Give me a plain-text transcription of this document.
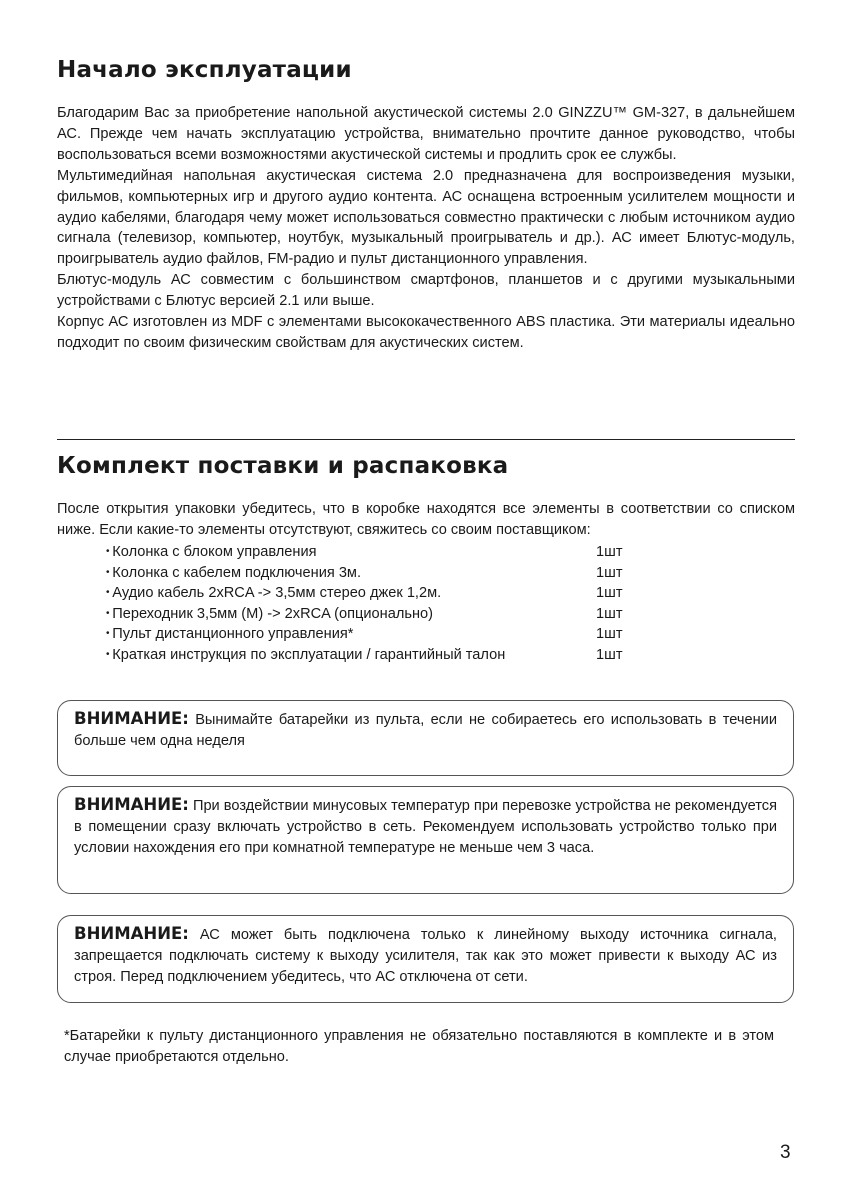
Начало эксплуатации

Благодарим Вас за приобретение напольной акустической системы 2.0 GINZZU™ GM-327, в дальнейшем АС. Прежде чем начать эксплуатацию устройства, внимательно прочтите данное руководство, чтобы воспользоваться всеми возможностями акустической системы и продлить срок ее службы.

Мультимедийная напольная акустическая система 2.0 предназначена для воспроизведения музыки, фильмов, компьютерных игр и другого аудио контента. АС оснащена встроенным усилителем мощности и аудио кабелями, благодаря чему может использоваться совместно практически с любым источником аудио сигнала (телевизор, компьютер, ноутбук, музыкальный проигрыватель и др.). АС имеет Блютус-модуль, проигрыватель аудио файлов, FM-радио и пульт дистанционного управления.

Блютус-модуль АС совместим с большинством смартфонов, планшетов и с другими музыкальными устройствами с Блютус версией 2.1 или выше.

Корпус АС изготовлен из MDF с элементами высококачественного ABS пластика. Эти материалы идеально подходит по своим физическим свойствам для акустических систем.

Комплект поставки и распаковка
После открытия упаковки убедитесь, что в коробке находятся все элементы в соответствии со списком ниже. Если какие-то элементы отсутствуют, свяжитесь со своим поставщиком:
• Колонка с блоком управления	1шт
• Колонка с кабелем подключения 3м.	1шт
• Аудио кабель 2xRCA -> 3,5мм стерео джек 1,2м.	1шт
• Переходник 3,5мм (M) -> 2xRCA (опционально)	1шт
• Пульт дистанционного управления*	1шт
• Краткая инструкция по эксплуатации / гарантийный талон	1шт
ВНИМАНИЕ: Вынимайте батарейки из пульта, если не собираетесь его использовать в течении больше чем одна неделя
ВНИМАНИЕ: При воздействии минусовых температур при перевозке устройства не рекомендуется в помещении сразу включать устройство в сеть. Рекомендуем использовать устройство только при условии нахождения его при комнатной температуре не меньше чем 3 часа.
ВНИМАНИЕ: АС может быть подключена только к линейному выходу источника сигнала, запрещается подключать систему к выходу усилителя, так как это может привести к выходу АС из строя. Перед подключением убедитесь, что АС отключена от сети.
*Батарейки к пульту дистанционного управления не обязательно поставляются в комплекте и в этом случае приобретаются отдельно.
3
